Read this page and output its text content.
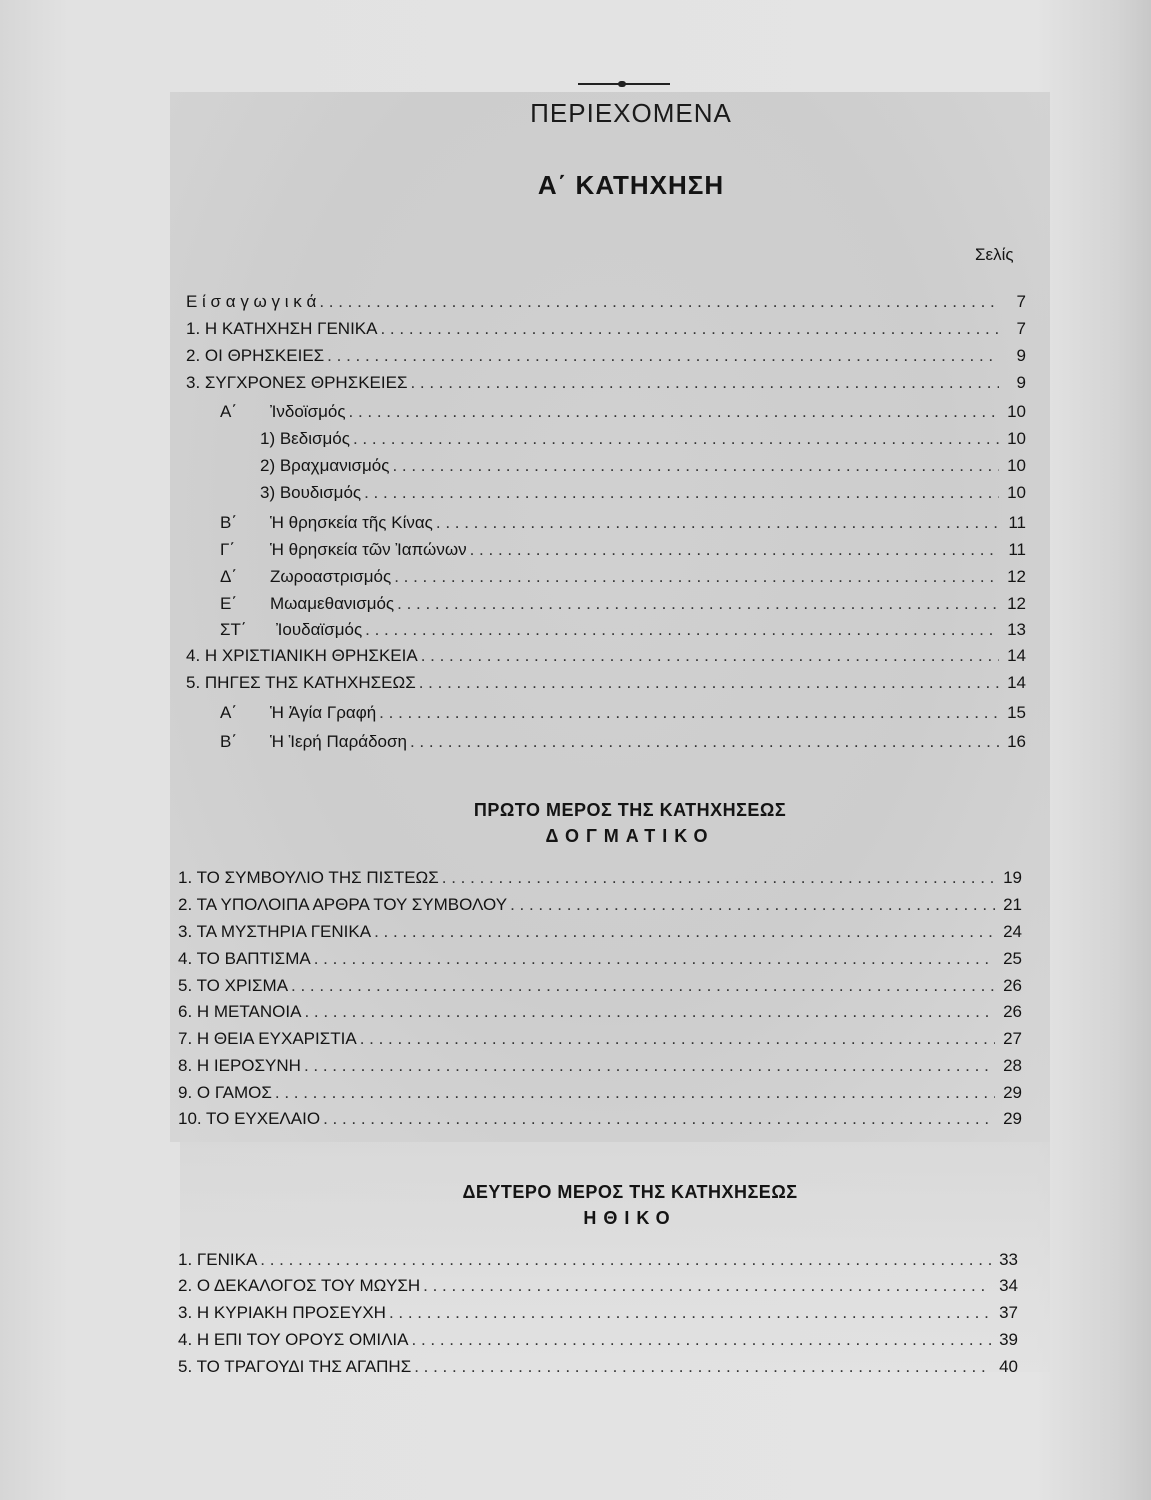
ΠΕΡΙΕΧΟΜΕΝΑ
Α΄ ΚΑΤΗΧΗΣΗ
Σελίς
Ε ί σ α γ ω γ ι κ ά . . .	7
1. Η ΚΑΤΗΧΗΣΗ ΓΕΝΙΚΑ . . .	7
2. ΟΙ ΘΡΗΣΚΕΙΕΣ . . .	9
3. ΣΥΓΧΡΟΝΕΣ ΘΡΗΣΚΕΙΕΣ . . .	9
Α΄	Ἰνδοϊσμός . . .	10
1) Βεδισμός . . .	10
2) Βραχμανισμός . . .	10
3) Βουδισμός . . .	10
Β΄	Ἡ θρησκεία τῆς Κίνας . . .	11
Γ΄	Ἡ θρησκεία τῶν Ἰαπώνων . . .	11
Δ΄	Ζωροαστρισμός . . .	12
Ε΄	Μωαμεθανισμός . . .	12
ΣΤ΄	Ἰουδαϊσμός . . .	13
4. Η ΧΡΙΣΤΙΑΝΙΚΗ ΘΡΗΣΚΕΙΑ . . .	14
5. ΠΗΓΕΣ ΤΗΣ ΚΑΤΗΧΗΣΕΩΣ . . .	14
Α΄	Ἡ Ἁγία Γραφή . . .	15
Β΄	Ἡ Ἱερή Παράδοση . . .	16
ΠΡΩΤΟ ΜΕΡΟΣ ΤΗΣ ΚΑΤΗΧΗΣΕΩΣ
ΔΟΓΜΑΤΙΚΟ
1. ΤΟ ΣΥΜΒΟΥΛΙΟ ΤΗΣ ΠΙΣΤΕΩΣ . . .	19
2. ΤΑ ΥΠΟΛΟΙΠΑ ΑΡΘΡΑ ΤΟΥ ΣΥΜΒΟΛΟΥ . . .	21
3. ΤΑ ΜΥΣΤΗΡΙΑ ΓΕΝΙΚΑ . . .	24
4. ΤΟ ΒΑΠΤΙΣΜΑ . . .	25
5. ΤΟ ΧΡΙΣΜΑ . . .	26
6. Η ΜΕΤΑΝΟΙΑ . . .	26
7. Η ΘΕΙΑ ΕΥΧΑΡΙΣΤΙΑ . . .	27
8. Η ΙΕΡΟΣΥΝΗ . . .	28
9. Ο ΓΑΜΟΣ . . .	29
10. ΤΟ ΕΥΧΕΛΑΙΟ . . .	29
ΔΕΥΤΕΡΟ ΜΕΡΟΣ ΤΗΣ ΚΑΤΗΧΗΣΕΩΣ
ΗΘΙΚΟ
1. ΓΕΝΙΚΑ . . .	33
2. Ο ΔΕΚΑΛΟΓΟΣ ΤΟΥ ΜΩΥΣΗ . . .	34
3. Η ΚΥΡΙΑΚΗ ΠΡΟΣΕΥΧΗ . . .	37
4. Η ΕΠΙ ΤΟΥ ΟΡΟΥΣ ΟΜΙΛΙΑ . . .	39
5. ΤΟ ΤΡΑΓΟΥΔΙ ΤΗΣ ΑΓΑΠΗΣ . . .	40
